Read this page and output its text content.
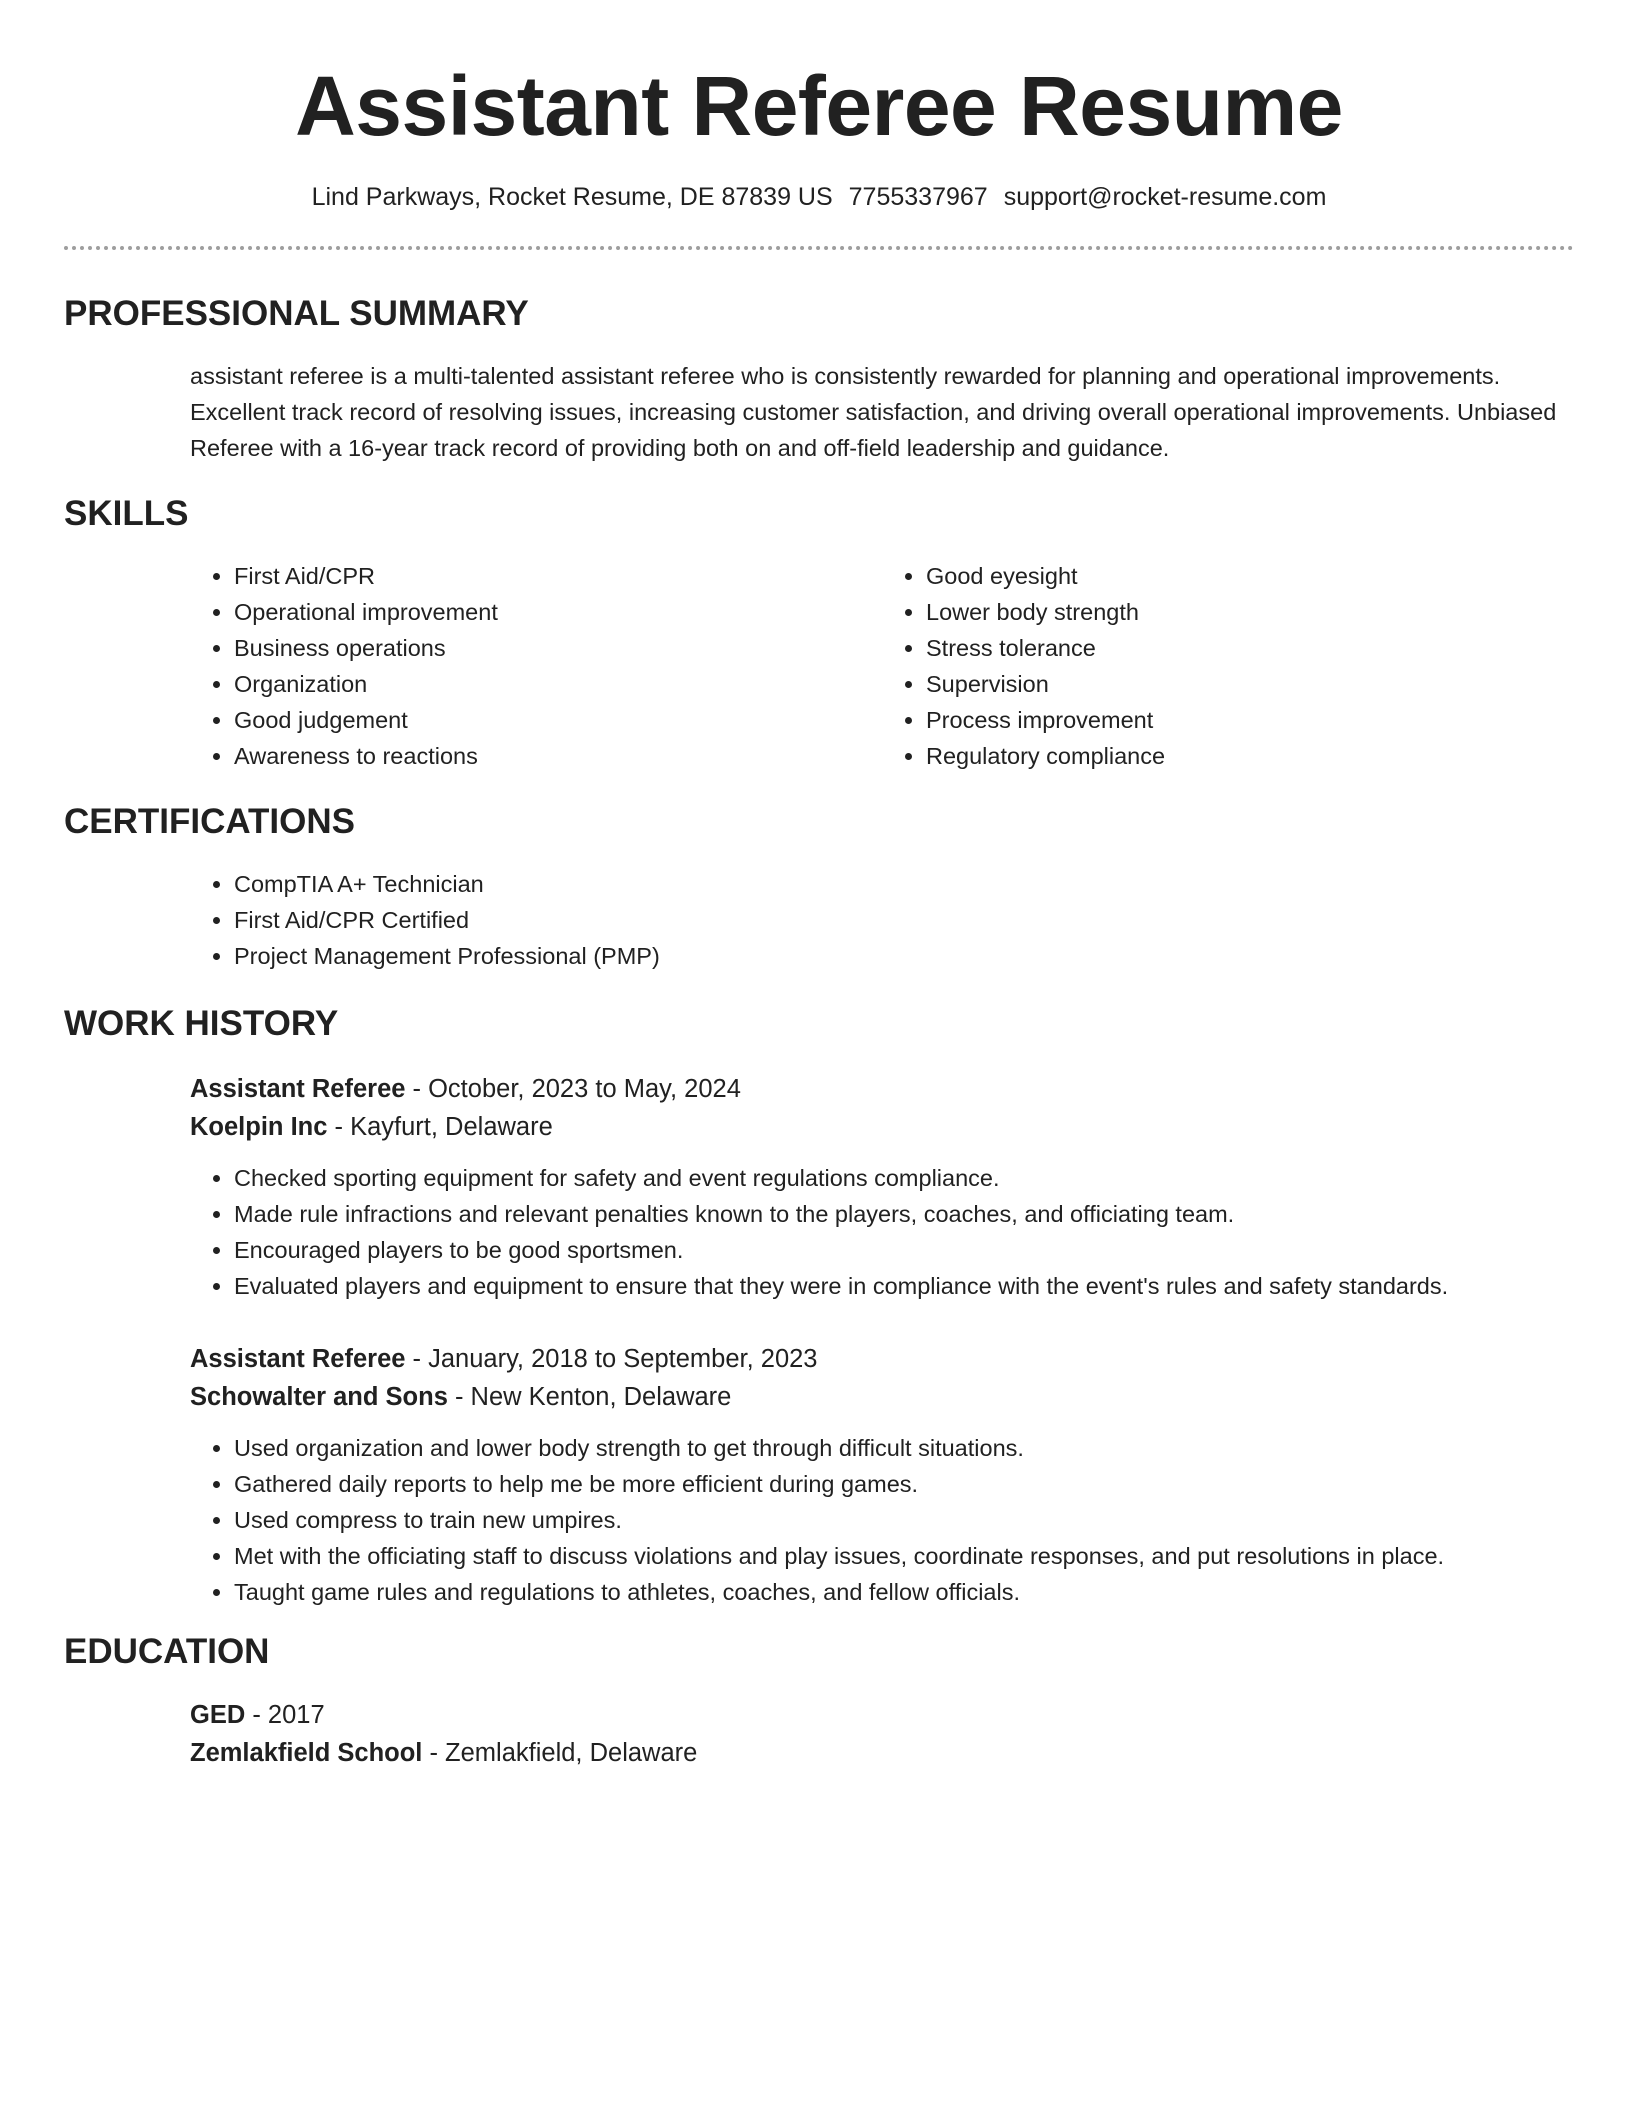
Assistant Referee Resume
Lind Parkways, Rocket Resume, DE 87839 US 7755337967 support@rocket-resume.com
PROFESSIONAL SUMMARY
assistant referee is a multi-talented assistant referee who is consistently rewarded for planning and operational improvements. Excellent track record of resolving issues, increasing customer satisfaction, and driving overall operational improvements. Unbiased Referee with a 16-year track record of providing both on and off-field leadership and guidance.
SKILLS
• First Aid/CPR
• Operational improvement
• Business operations
• Organization
• Good judgement
• Awareness to reactions
• Good eyesight
• Lower body strength
• Stress tolerance
• Supervision
• Process improvement
• Regulatory compliance
CERTIFICATIONS
• CompTIA A+ Technician
• First Aid/CPR Certified
• Project Management Professional (PMP)
WORK HISTORY
Assistant Referee - October, 2023 to May, 2024
Koelpin Inc - Kayfurt, Delaware
• Checked sporting equipment for safety and event regulations compliance.
• Made rule infractions and relevant penalties known to the players, coaches, and officiating team.
• Encouraged players to be good sportsmen.
• Evaluated players and equipment to ensure that they were in compliance with the event's rules and safety standards.
Assistant Referee - January, 2018 to September, 2023
Schowalter and Sons - New Kenton, Delaware
• Used organization and lower body strength to get through difficult situations.
• Gathered daily reports to help me be more efficient during games.
• Used compress to train new umpires.
• Met with the officiating staff to discuss violations and play issues, coordinate responses, and put resolutions in place.
• Taught game rules and regulations to athletes, coaches, and fellow officials.
EDUCATION
GED - 2017
Zemlakfield School - Zemlakfield, Delaware
